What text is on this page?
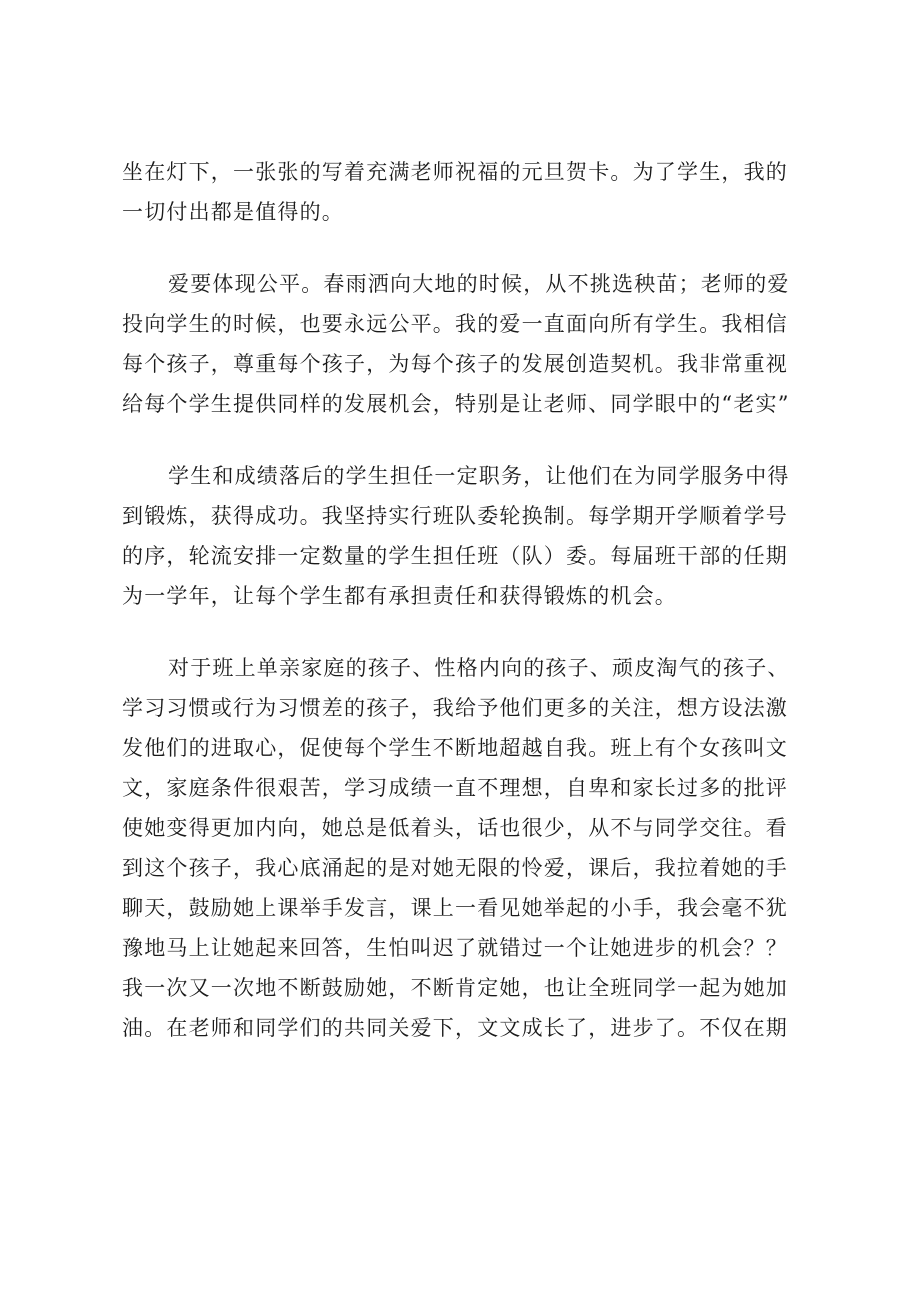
坐在灯下，一张张的写着充满老师祝福的元旦贺卡。为了学生，我的
一切付出都是值得的。
爱要体现公平。春雨洒向大地的时候，从不挑选秧苗；老师的爱
投向学生的时候，也要永远公平。我的爱一直面向所有学生。我相信
每个孩子，尊重每个孩子，为每个孩子的发展创造契机。我非常重视
给每个学生提供同样的发展机会，特别是让老师、同学眼中的“老实”
学生和成绩落后的学生担任一定职务，让他们在为同学服务中得
到锻炼，获得成功。我坚持实行班队委轮换制。每学期开学顺着学号
的序，轮流安排一定数量的学生担任班（队）委。每届班干部的任期
为一学年，让每个学生都有承担责任和获得锻炼的机会。
对于班上单亲家庭的孩子、性格内向的孩子、顽皮淘气的孩子、
学习习惯或行为习惯差的孩子，我给予他们更多的关注，想方设法激
发他们的进取心，促使每个学生不断地超越自我。班上有个女孩叫文
文，家庭条件很艰苦，学习成绩一直不理想，自卑和家长过多的批评
使她变得更加内向，她总是低着头，话也很少，从不与同学交往。看
到这个孩子，我心底涌起的是对她无限的怜爱，课后，我拉着她的手
聊天，鼓励她上课举手发言，课上一看见她举起的小手，我会毫不犹
豫地马上让她起来回答，生怕叫迟了就错过一个让她进步的机会？？
我一次又一次地不断鼓励她，不断肯定她，也让全班同学一起为她加
油。在老师和同学们的共同关爱下，文文成长了，进步了。不仅在期
